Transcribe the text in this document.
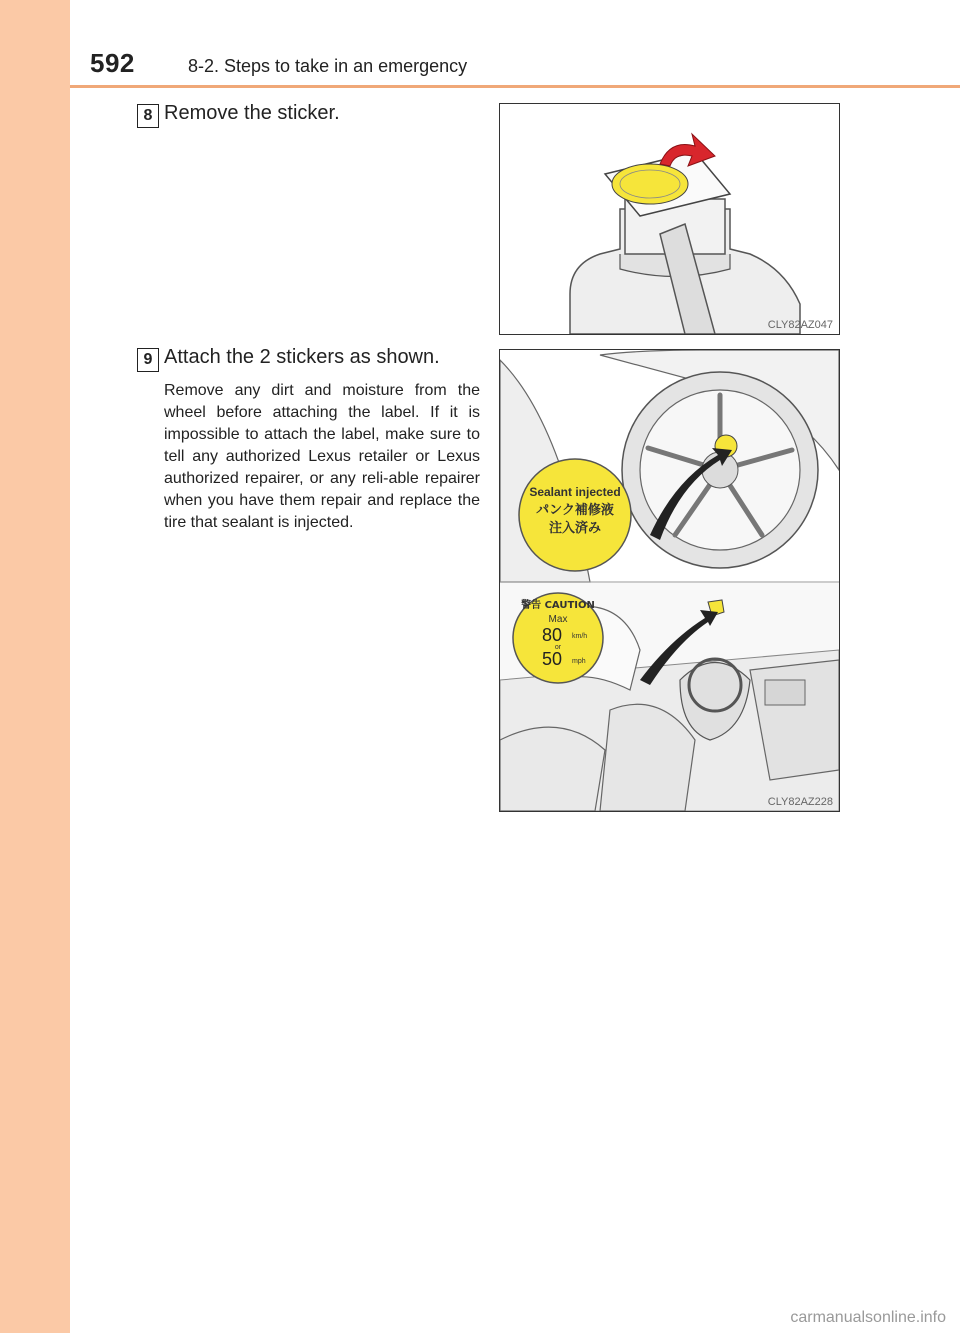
592	8-2. Steps to take in an emergency
8 Remove the sticker.
CLY82AZ047
9 Attach the 2 stickers as shown.
Remove any dirt and moisture from the wheel before attaching the label. If it is impossible to attach the label, make sure to tell any authorized Lexus retailer or Lexus authorized repairer, or any reli-able repairer when you have them repair and replace the tire that sealant is injected.
Sealant injected
パンク補修液
注入済み
警告 CAUTION
Max
80 km/h
or
50 mph
CLY82AZ228
carmanualsonline.info
